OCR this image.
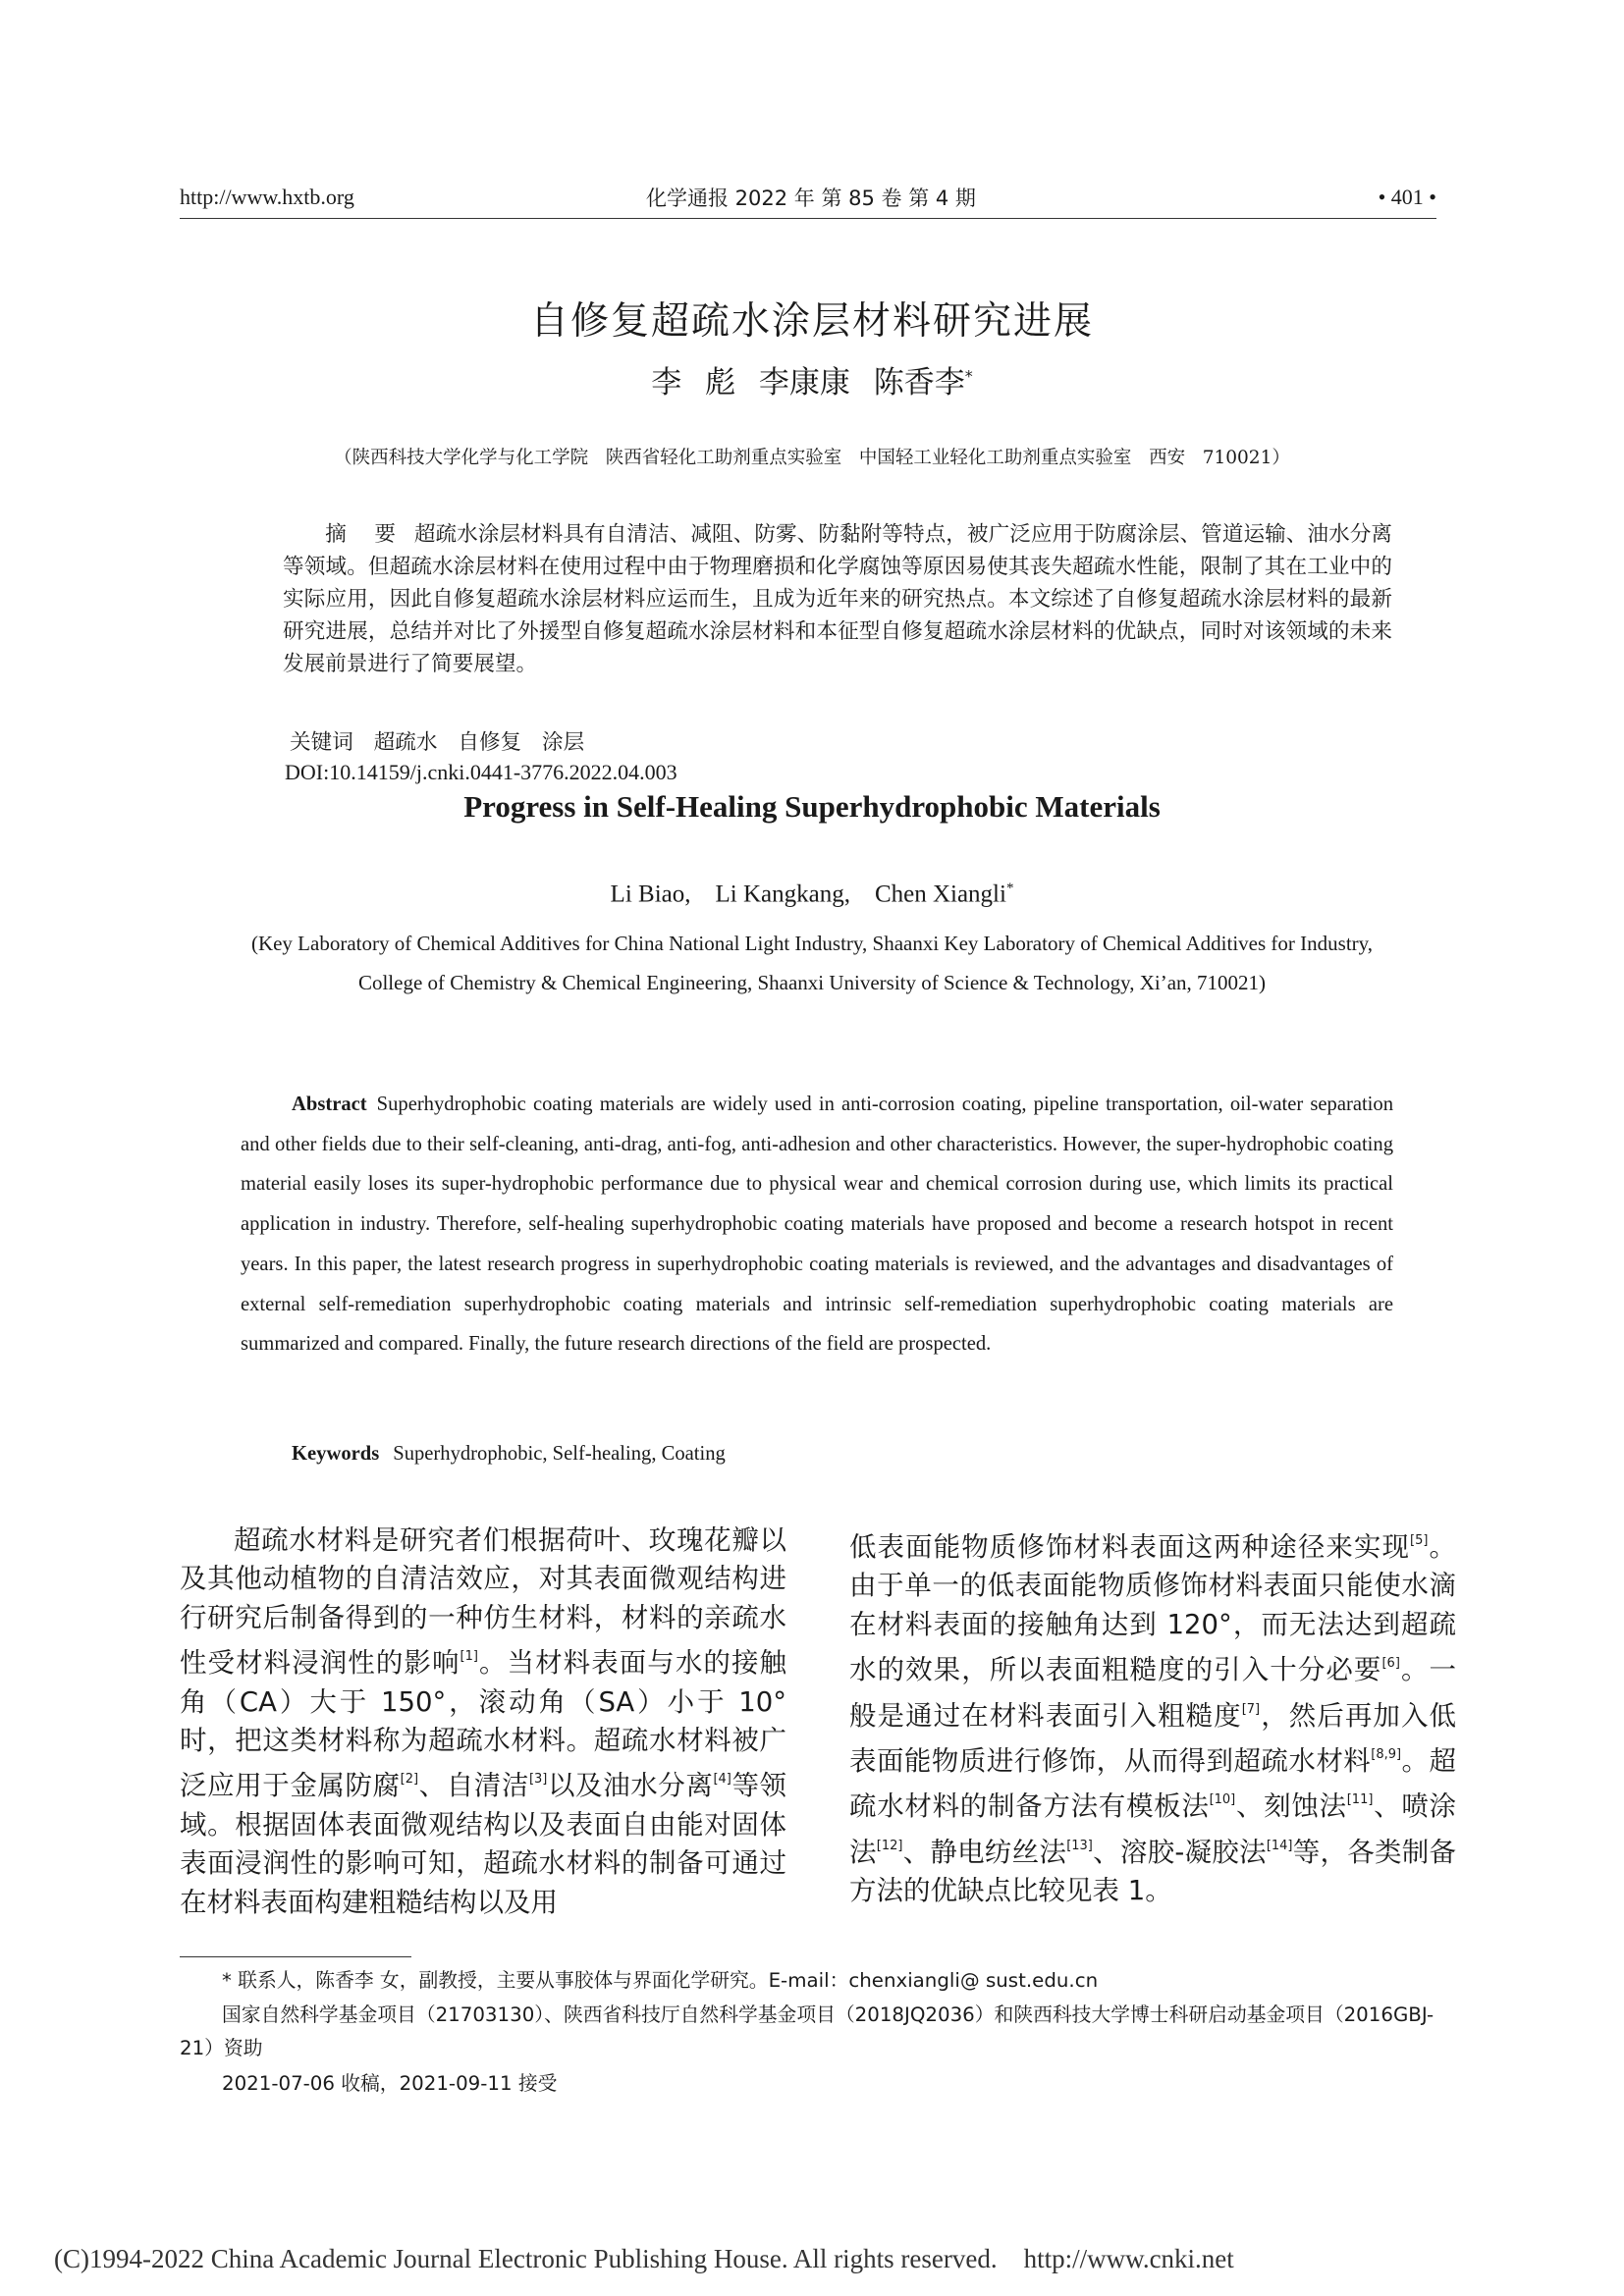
http://www.hxtb.org	化学通报 2022 年 第 85 卷 第 4 期	• 401 •
自修复超疏水涂层材料研究进展
李 彪 李康康 陈香李*
（陕西科技大学化学与化工学院   陕西省轻化工助剂重点实验室   中国轻工业轻化工助剂重点实验室   西安   710021）
摘 要 超疏水涂层材料具有自清洁、减阻、防雾、防黏附等特点，被广泛应用于防腐涂层、管道运输、油水分离等领域。但超疏水涂层材料在使用过程中由于物理磨损和化学腐蚀等原因易使其丧失超疏水性能，限制了其在工业中的实际应用，因此自修复超疏水涂层材料应运而生，且成为近年来的研究热点。本文综述了自修复超疏水涂层材料的最新研究进展，总结并对比了外援型自修复超疏水涂层材料和本征型自修复超疏水涂层材料的优缺点，同时对该领域的未来发展前景进行了简要展望。
关键词 超疏水 自修复 涂层
DOI:10.14159/j.cnki.0441-3776.2022.04.003
Progress in Self-Healing Superhydrophobic Materials
Li Biao,    Li Kangkang,    Chen Xiangli*
(Key Laboratory of Chemical Additives for China National Light Industry, Shaanxi Key Laboratory of Chemical Additives for Industry, College of Chemistry & Chemical Engineering, Shaanxi University of Science & Technology, Xi’an, 710021)
Abstract Superhydrophobic coating materials are widely used in anti-corrosion coating, pipeline transportation, oil-water separation and other fields due to their self-cleaning, anti-drag, anti-fog, anti-adhesion and other characteristics. However, the super-hydrophobic coating material easily loses its super-hydrophobic performance due to physical wear and chemical corrosion during use, which limits its practical application in industry. Therefore, self-healing superhydrophobic coating materials have proposed and become a research hotspot in recent years. In this paper, the latest research progress in superhydrophobic coating materials is reviewed, and the advantages and disadvantages of external self-remediation superhydrophobic coating materials and intrinsic self-remediation superhydrophobic coating materials are summarized and compared. Finally, the future research directions of the field are prospected.
Keywords Superhydrophobic, Self-healing, Coating
超疏水材料是研究者们根据荷叶、玫瑰花瓣以及其他动植物的自清洁效应，对其表面微观结构进行研究后制备得到的一种仿生材料，材料的亲疏水性受材料浸润性的影响[1]。当材料表面与水的接触角（CA）大于 150°，滚动角（SA）小于 10°时，把这类材料称为超疏水材料。超疏水材料被广泛应用于金属防腐[2]、自清洁[3]以及油水分离[4]等领域。根据固体表面微观结构以及表面自由能对固体表面浸润性的影响可知，超疏水材料的制备可通过在材料表面构建粗糙结构以及用
低表面能物质修饰材料表面这两种途径来实现[5]。由于单一的低表面能物质修饰材料表面只能使水滴在材料表面的接触角达到 120°，而无法达到超疏水的效果，所以表面粗糙度的引入十分必要[6]。一般是通过在材料表面引入粗糙度[7]，然后再加入低表面能物质进行修饰，从而得到超疏水材料[8,9]。超疏水材料的制备方法有模板法[10]、刻蚀法[11]、喷涂法[12]、静电纺丝法[13]、溶胶-凝胶法[14]等，各类制备方法的优缺点比较见表 1。
* 联系人，陈香李 女，副教授，主要从事胶体与界面化学研究。E-mail：chenxiangli@ sust.edu.cn
国家自然科学基金项目（21703130）、陕西省科技厅自然科学基金项目（2018JQ2036）和陕西科技大学博士科研启动基金项目（2016GBJ-21）资助
2021-07-06 收稿，2021-09-11 接受
(C)1994-2022 China Academic Journal Electronic Publishing House. All rights reserved.    http://www.cnki.net
